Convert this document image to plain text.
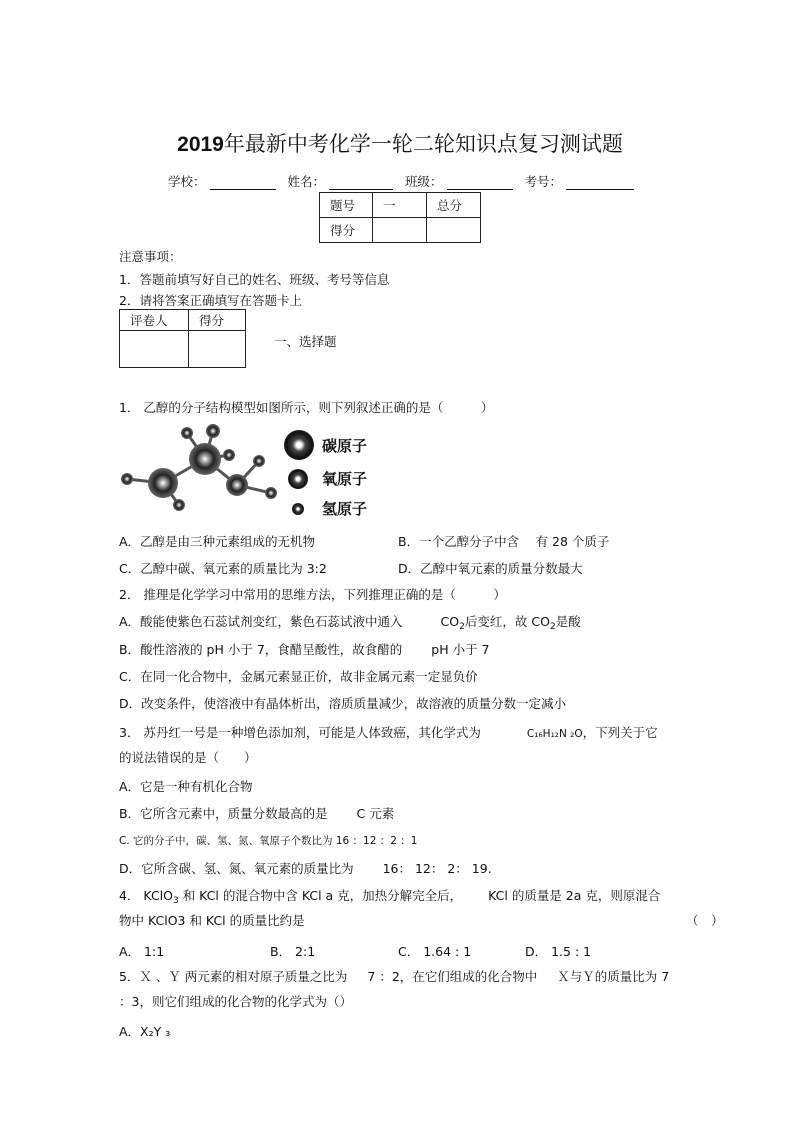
2019年最新中考化学一轮二轮知识点复习测试题
学校：	姓名：	班级：	考号：
题号	一	总分
得分		
注意事项：
1．答题前填写好自己的姓名、班级、考号等信息
2．请将答案正确填写在答题卡上
评卷人	得分

一、选择题
1． 乙醇的分子结构模型如图所示，则下列叙述正确的是（　　　）
碳原子
氧原子
氢原子
A．乙醇是由三种元素组成的无机物	B．一个乙醇分子中含　 有 28 个质子
C．乙醇中碳、氧元素的质量比为 3:2	D．乙醇中氧元素的质量分数最大
2． 推理是化学学习中常用的思维方法，下列推理正确的是（　　　）
A．酸能使紫色石蕊试剂变红，紫色石蕊试液中通入	$CO_2$后变红，故 $CO_2$是酸
B．酸性溶液的 pH 小于 7，食醋呈酸性，故食醋的　　 pH 小于 7
C．在同一化合物中，金属元素显正价，故非金属元素一定显负价
D．改变条件，使溶液中有晶体析出，溶质质量减少，故溶液的质量分数一定减小
3． 苏丹红一号是一种增色添加剂，可能是人体致癌，其化学式为	C₁₆H₁₂N ₂O，下列关于它
的说法错误的是（　　）
A．它是一种有机化合物
B．它所含元素中，质量分数最高的是　　 C 元素
C. 它的分子中，碳、氢、氮、氧原子个数比为 16 ：12 ：2 ：1
D．它所含碳、氢、氮、氧元素的质量比为　　 16： 12： 2： 19.
4． KClO$_3$ 和 KCl 的混合物中含 KCl a 克，加热分解完全后， KCl 的质量是 2a 克，则原混合
物中 KClO3 和 KCl 的质量比约是	（　）
A． 1:1	B． 2:1	C． 1.64 : 1	D． 1.5 : 1
5．Ｘ 、Ｙ 两元素的相对原子质量之比为 7 ：2，在它们组成的化合物中 Ｘ与Ｙ的质量比为 7
：3，则它们组成的化合物的化学式为（）
A．X₂Y ₃
